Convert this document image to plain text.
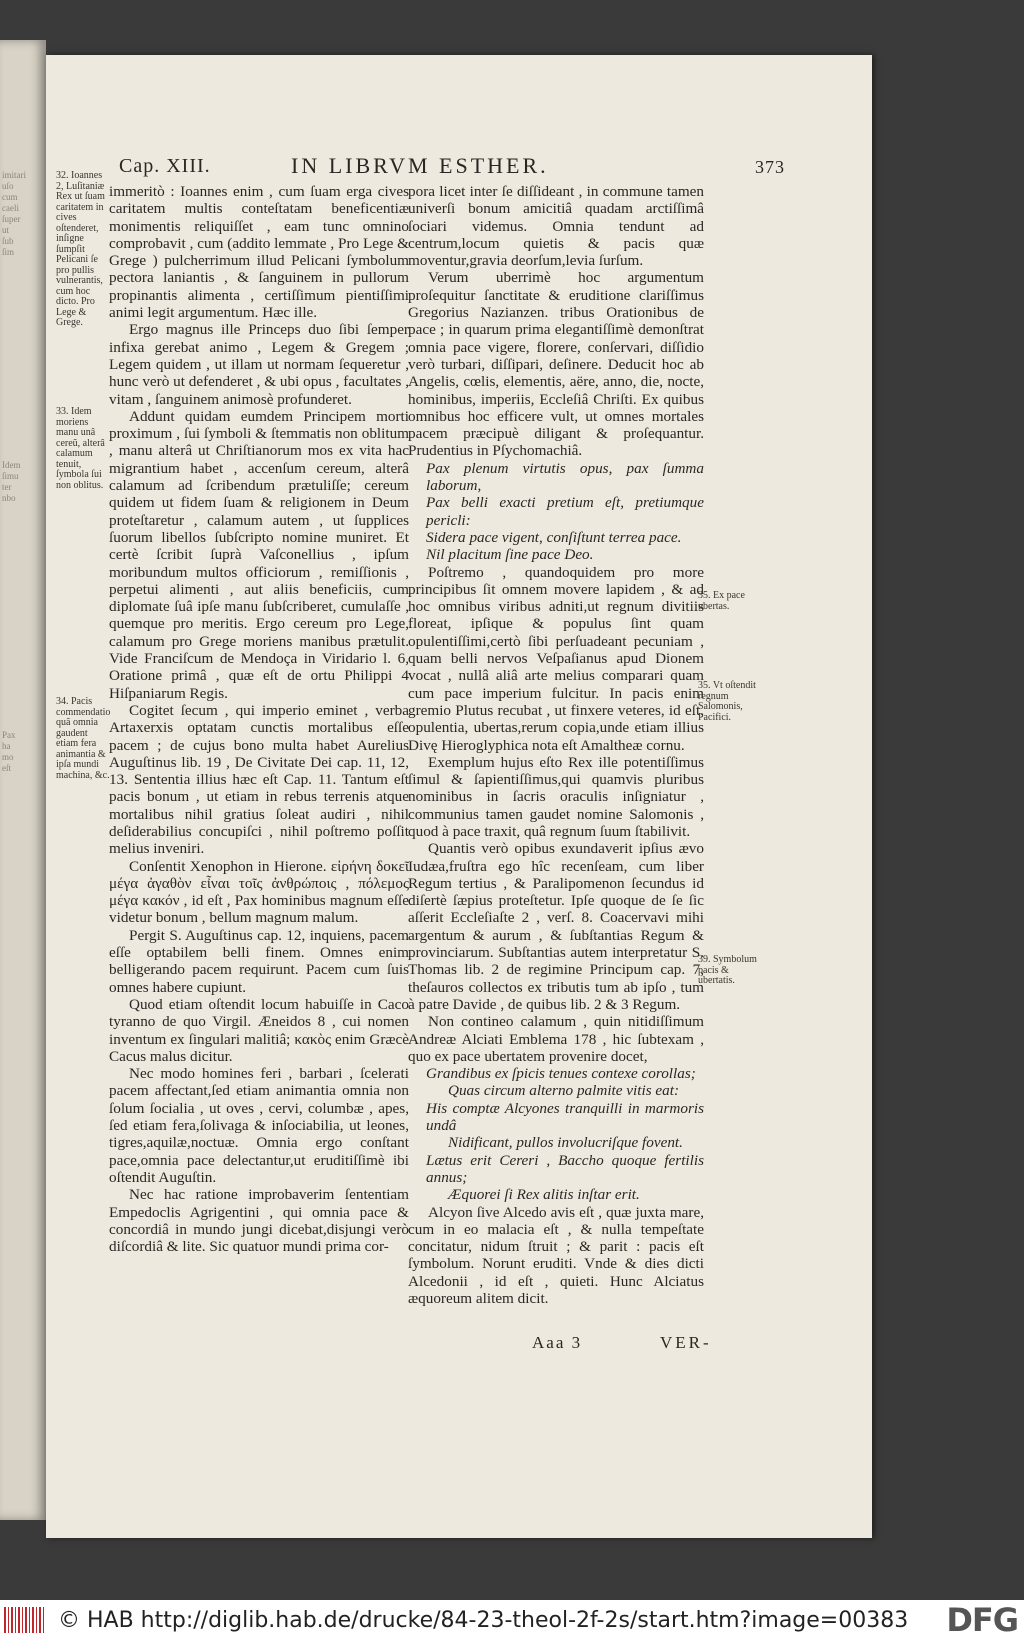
imitari
uſo
cum
caeli
ſuper
ut
ſub
ſim
Idem
ſimu
ter
nbo
Pax
ha
mo
eſt
Cap. XIII.	IN LIBRVM ESTHER.	373
32. Ioannes 2, Luſitaniæ Rex ut ſuam caritatem in cives oſtenderet, inſigne ſumpſit Pelicani ſe pro pullis vulnerantis, cum hoc dicto. Pro Lege & Grege.
33. Idem moriens manu unâ cereũ, alterâ calamum tenuit, ſymbola ſui non oblitus.
34. Pacis commendatio quã omnia gaudent etiam fera animantia & ipſa mundi machina, &c.

immeritò : Ioannes enim , cum ſuam erga cives caritatem multis conteſtatam beneficentiæ monimentis reliquiſſet , eam tunc omnino comprobavit , cum (addito lemmate , Pro Lege & Grege ) pulcherrimum illud Pelicani ſymbolum pectora laniantis , & ſanguinem in pullorum propinantis alimenta , certiſſimum pientiſſimi animi legit argumentum. Hæc ille.

Ergo magnus ille Princeps duo ſibi ſemper infixa gerebat animo , Legem & Gregem ; Legem quidem , ut illam ut normam ſequeretur , hunc verò ut defenderet , & ubi opus , facultates , vitam , ſanguinem animosè profunderet.

Addunt quidam eumdem Principem morti proximum , ſui ſymboli & ſtemmatis non oblitum , manu alterâ ut Chriſtianorum mos ex vita hac migrantium habet , accenſum cereum, alterâ calamum ad ſcribendum prætuliſſe; cereum quidem ut fidem ſuam & religionem in Deum proteſtaretur , calamum autem , ut ſupplices ſuorum libellos ſubſcripto nomine muniret. Et certè ſcribit ſuprà Vaſconellius , ipſum moribundum multos officiorum , remiſſionis , perpetui alimenti , aut aliis beneficiis, cum diplomate ſuâ ipſe manu ſubſcriberet, cumulaſſe , quemque pro meritis. Ergo cereum pro Lege, calamum pro Grege moriens manibus prætulit. Vide Franciſcum de Mendoça in Viridario l. 6, Oratione primâ , quæ eſt de ortu Philippi 4 Hiſpaniarum Regis.

Cogitet ſecum , qui imperio eminet , verba Artaxerxis optatam cunctis mortalibus eſſe pacem ; de cujus bono multa habet Aurelius Auguſtinus lib. 19 , De Civitate Dei cap. 11, 12, 13. Sententia illius hæc eſt Cap. 11. Tantum eſt pacis bonum , ut etiam in rebus terrenis atque mortalibus nihil gratius ſoleat audiri , nihil deſiderabilius concupiſci , nihil poſtremo poſſit melius inveniri.

Conſentit Xenophon in Hierone. εἰρήνη δοκεῖ μέγα ἀγαθὸν εἶναι τοῖς ἀνθρώποις , πόλεμος μέγα κακόν , id eſt , Pax hominibus magnum eſſe videtur bonum , bellum magnum malum.

Pergit S. Auguſtinus cap. 12, inquiens, pacem eſſe optabilem belli finem. Omnes enim belligerando pacem requirunt. Pacem cum ſuis omnes habere cupiunt.

Quod etiam oſtendit locum habuiſſe in Caco tyranno de quo Virgil. Æneidos 8 , cui nomen inventum ex ſingulari malitiâ; κακὸς enim Græcè Cacus malus dicitur.

Nec modo homines feri , barbari , ſcelerati pacem affectant,ſed etiam animantia omnia non ſolum ſocialia , ut oves , cervi, columbæ , apes, ſed etiam fera,ſolivaga & inſociabilia, ut leones, tigres,aquilæ,noctuæ. Omnia ergo conſtant pace,omnia pace delectantur,ut eruditiſſimè ibi oſtendit Auguſtin.

Nec hac ratione improbaverim ſententiam Empedoclis Agrigentini , qui omnia pace & concordiâ in mundo jungi dicebat,disjungi verò diſcordiâ & lite. Sic quatuor mundi prima cor-

pora licet inter ſe diſſideant , in commune tamen univerſi bonum amicitiâ quadam arctiſſimâ ſociari videmus. Omnia tendunt ad centrum,locum quietis & pacis quæ moventur,gravia deorſum,levia ſurſum.

Verum uberrimè hoc argumentum proſequitur ſanctitate & eruditione clariſſimus Gregorius Nazianzen. tribus Orationibus de pace ; in quarum prima elegantiſſimè demonſtrat omnia pace vigere, florere, conſervari, diſſidio verò turbari, diſſipari, deſinere. Deducit hoc ab Angelis, cœlis, elementis, aëre, anno, die, nocte, hominibus, imperiis, Eccleſiâ Chriſti. Ex quibus omnibus hoc efficere vult, ut omnes mortales pacem præcipuè diligant & proſequantur. Prudentius in Pſychomachiâ.

Pax plenum virtutis opus, pax ſumma laborum,

Pax belli exacti pretium eſt, pretiumque pericli:

Sidera pace vigent, conſiſtunt terrea pace.

Nil placitum ſine pace Deo.

Poſtremo , quandoquidem pro more principibus ſit omnem movere lapidem , & ad hoc omnibus viribus adniti,ut regnum divitiis floreat, ipſique & populus ſint quam opulentiſſimi,certò ſibi perſuadeant pecuniam , quam belli nervos Veſpaſianus apud Dionem vocat , nullâ aliâ arte melius comparari quam cum pace imperium fulcitur. In pacis enim gremio Plutus recubat , ut finxere veteres, id eſt, opulentia, ubertas,rerum copia,unde etiam illius Divę Hieroglyphica nota eſt Amaltheæ cornu.

Exemplum hujus eſto Rex ille potentiſſimus ſimul & ſapientiſſimus,qui quamvis pluribus nominibus in ſacris oraculis inſigniatur , communius tamen gaudet nomine Salomonis , quod à pace traxit, quâ regnum ſuum ſtabilivit.

Quantis verò opibus exundaverit ipſius ævo Iudæa,fruſtra ego hîc recenſeam, cum liber Regum tertius , & Paralipomenon ſecundus id diſertè ſæpius proteſtetur. Ipſe quoque de ſe ſic aſſerit Eccleſiaſte 2 , verſ. 8. Coacervavi mihi argentum & aurum , & ſubſtantias Regum & provinciarum. Subſtantias autem interpretatur S. Thomas lib. 2 de regimine Principum cap. 7, theſauros collectos ex tributis tum ab ipſo , tum à patre Davide , de quibus lib. 2 & 3 Regum.

Non contineo calamum , quin nitidiſſimum Andreæ Alciati Emblema 178 , hic ſubtexam , quo ex pace ubertatem provenire docet,

Grandibus ex ſpicis tenues contexe corollas;

Quas circum alterno palmite vitis eat:

His comptæ Alcyones tranquilli in marmoris undâ

Nidificant, pullos involucriſque fovent.

Lætus erit Cereri , Baccho quoque fertilis annus;

Æquorei ſi Rex alitis inſtar erit.

Alcyon ſive Alcedo avis eſt , quæ juxta mare, cum in eo malacia eſt , & nulla tempeſtate concitatur, nidum ſtruit ; & parit : pacis eſt ſymbolum. Norunt eruditi. Vnde & dies dicti Alcedonii , id eſt , quieti. Hunc Alciatus æquoreum alitem dicit.

35. Ex pace ubertas.
35. Vt oſtendit regnum Salomonis, Pacifici.
39. Symbolum pacis & ubertatis.
Aaa 3	VER-
© HAB http://diglib.hab.de/drucke/84-23-theol-2f-2s/start.htm?image=00383 DFG
